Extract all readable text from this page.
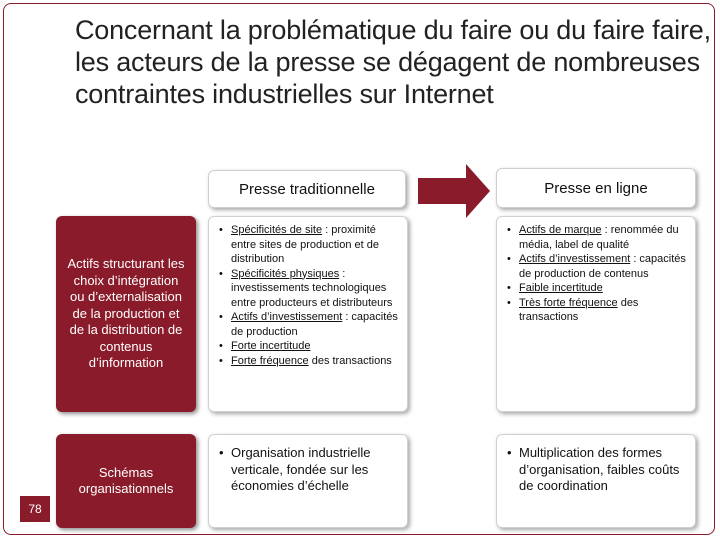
Concernant la problématique du faire ou du faire faire, les acteurs de la presse se dégagent de nombreuses contraintes industrielles sur Internet
Presse traditionnelle	Presse en ligne
Actifs structurant les choix d’intégration ou d’externalisation de la production et de la distribution de contenus d’information
• Spécificités de site : proximité entre sites de production et de distribution
• Spécificités physiques : investissements technologiques entre producteurs et distributeurs
• Actifs d’investissement : capacités de production
• Forte incertitude
• Forte fréquence des transactions
• Actifs de marque : renommée du média, label de qualité
• Actifs d’investissement : capacités de production de contenus
• Faible incertitude
• Très forte fréquence des transactions
Schémas organisationnels
• Organisation industrielle verticale, fondée sur les économies d’échelle
• Multiplication des formes d’organisation, faibles coûts de coordination
78
